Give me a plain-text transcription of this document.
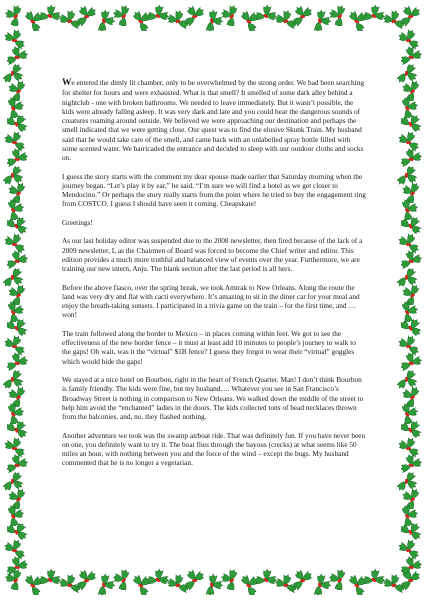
We entered the dimly lit chamber, only to be overwhelmed by the strong order. We had been searching for shelter for hours and were exhausted. What is that smell? It smelled of some dark alley behind a nightclub - one with broken bathrooms. We needed to leave immediately. But it wasn’t possible, the kids were already falling asleep. It was very dark and late and you could hear the dangerous sounds of creatures roaming around outside. We believed we were approaching our destination and perhaps the smell indicated that we were getting close. Our quest was to find the elusive Skunk Train. My husband said that he would take care of the smell, and came back with an unlabelled spray bottle filled with some scented water. We barricaded the entrance and decided to sleep with our outdoor cloths and socks on.

I guess the story starts with the comment my dear spouse made earlier that Saturday morning when the journey began. “Let’s play it by ear,” he said. “I’m sure we will find a hotel as we get closer to Mendocino.” Or perhaps the story really starts from the point where he tried to buy the engagement ring from COSTCO. I guess I should have seen it coming. Cheapskate!

Greetings!

As our last holiday editor was suspended due to the 2008 newsletter, then fired because of the lack of a 2009 newsletter, I, as the Chairmen of Board was forced to become the Chief writer and editor. This edition provides a much more truthful and balanced view of events over the year. Furthermore, we are training our new intern, Anju. The blank section after the last period is all hers.

Before the above fiasco, over the spring break, we took Amtrak to New Orleans. Along the route the land was very dry and flat with cacti everywhere. It’s amazing to sit in the diner car for your meal and enjoy the breath-taking sunsets. I participated in a trivia game on the train – for the first time, and … won!

The train followed along the border to Mexico – in places coming within feet. We got to see the effectiveness of the new border fence – it must at least add 10 minutes to people’s journey to walk to the gaps! Oh wait, was it the “virtual” $1B fence? I guess they forgot to wear their “virtual” goggles which would hide the gaps!

We stayed at a nice hotel on Bourbon, right in the heart of French Quarter. Man! I don’t think Bourbon is family friendly. The kids were fine, but my husband…. Whatever you see in San Francisco’s Broadway Street is nothing in comparison to New Orleans. We walked down the middle of the street to help him avoid the “enchanted” ladies in the doors. The kids collected tons of bead necklaces thrown from the balconies, and, no, they flashed nothing.

Another adventure we took was the swamp airboat ride. That was definitely fun. If you have never been on one, you definitely want to try it. The boat flies through the bayous (crecks) at what seems like 50 miles an hour, with nothing between you and the force of the wind – except the bugs. My husband commented that he is no longer a vegetarian.
